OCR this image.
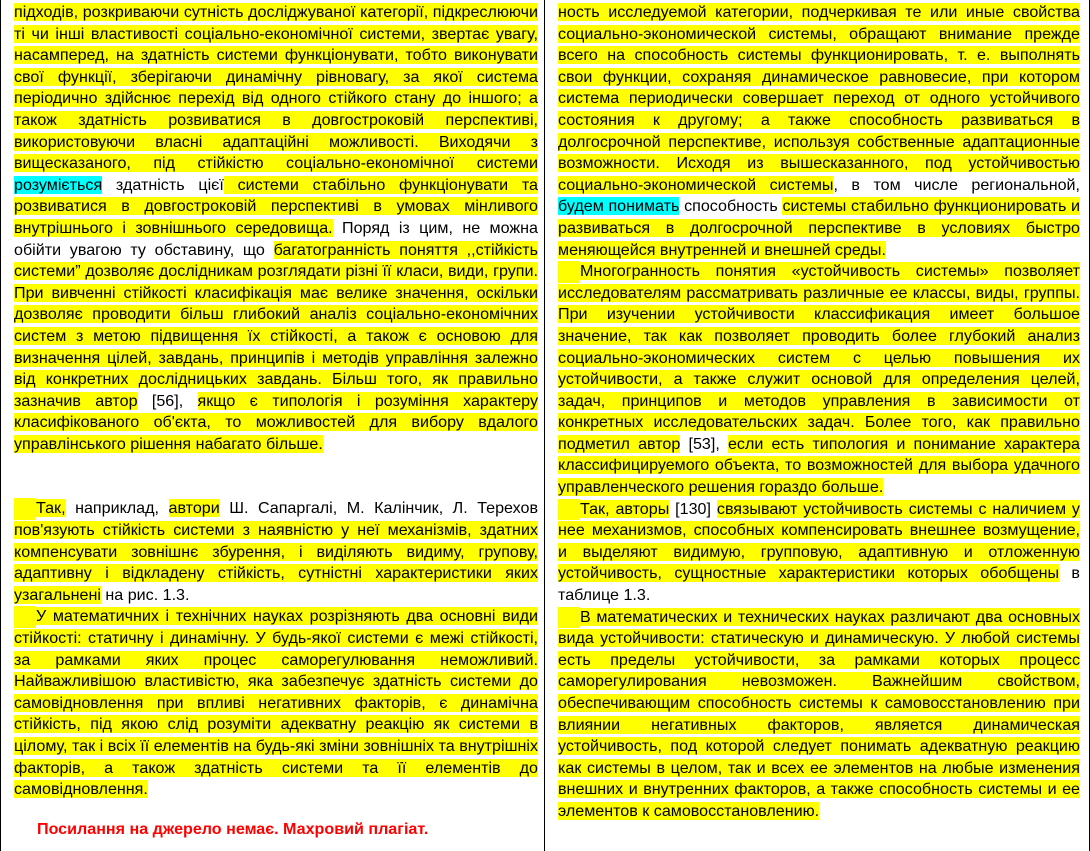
підходів, розкриваючи сутність досліджуваної категорії, підкреслюючи ті чи інші властивості соціально-економічної системи, звертає увагу, насамперед, на здатність системи функціонувати, тобто виконувати свої функції, зберігаючи динамічну рівновагу, за якої система періодично здійснює перехід від одного стійкого стану до іншого; а також здатність розвиватися в довгостроковій перспективі, використовуючи власні адаптаційні можливості. Виходячи з вищесказаного, під стійкістю соціально-економічної системи розуміється здатність цієї системи стабільно функціонувати та розвиватися в довгостроковій перспективі в умовах мінливого внутрішнього і зовнішнього середовища. Поряд із цим, не можна обійти увагою ту обставину, що багатогранність поняття ,,стійкість системи” дозволяє дослідникам розглядати різні її класи, види, групи. При вивченні стійкості класифікація має велике значення, оскільки дозволяє проводити більш глибокий аналіз соціально-економічних систем з метою підвищення їх стійкості, а також є основою для визначення цілей, завдань, принципів і методів управління залежно від конкретних дослідницьких завдань. Більш того, як правильно зазначив автор [56], якщо є типологія і розуміння характеру класифікованого об'єкта, то можливостей для вибору вдалого управлінського рішення набагато більше.

Так, наприклад, автори Ш. Сапаргалі, М. Калінчик, Л. Терехов пов'язують стійкість системи з наявністю у неї механізмів, здатних компенсувати зовнішнє збурення, і виділяють видиму, групову, адаптивну і відкладену стійкість, сутністні характеристики яких узагальнені на рис. 1.3.

У математичних і технічних науках розрізняють два основні види стійкості: статичну і динамічну. У будь-якої системи є межі стійкості, за рамками яких процес саморегулювання неможливий. Найважливішою властивістю, яка забезпечує здатність системи до самовідновлення при впливі негативних факторів, є динамічна стійкість, під якою слід розуміти адекватну реакцію як системи в цілому, так і всіх її елементів на будь-які зміни зовнішніх та внутрішніх факторів, а також здатність системи та її елементів до самовідновлення.

Посилання на джерело немає. Махровий плагіат.

ность исследуемой категории, подчеркивая те или иные свойства социально-экономической системы, обращают внимание прежде всего на способность системы функционировать, т. е. выполнять свои функции, сохраняя динамическое равновесие, при котором система периодически совершает переход от одного устойчивого состояния к другому; а также способность развиваться в долгосрочной перспективе, используя собственные адаптационные возможности. Исходя из вышесказанного, под устойчивостью социально-экономической системы, в том числе региональной, будем понимать способность системы стабильно функционировать и развиваться в долгосрочной перспективе в условиях быстро меняющейся внутренней и внешней среды.

Многогранность понятия «устойчивость системы» позволяет исследователям рассматривать различные ее классы, виды, группы. При изучении устойчивости классификация имеет большое значение, так как позволяет проводить более глубокий анализ социально-экономических систем с целью повышения их устойчивости, а также служит основой для определения целей, задач, принципов и методов управления в зависимости от конкретных исследовательских задач. Более того, как правильно подметил автор [53], если есть типология и понимание характера классифицируемого объекта, то возможностей для выбора удачного управленческого решения гораздо больше.

Так, авторы [130] связывают устойчивость системы с наличием у нее механизмов, способных компенсировать внешнее возмущение, и выделяют видимую, групповую, адаптивную и отложенную устойчивость, сущностные характеристики которых обобщены в таблице 1.3.

В математических и технических науках различают два основных вида устойчивости: статическую и динамическую. У любой системы есть пределы устойчивости, за рамками которых процесс саморегулирования невозможен. Важнейшим свойством, обеспечивающим способность системы к самовосстановлению при влиянии негативных факторов, является динамическая устойчивость, под которой следует понимать адекватную реакцию как системы в целом, так и всех ее элементов на любые изменения внешних и внутренних факторов, а также способность системы и ее элементов к самовосстановлению.
